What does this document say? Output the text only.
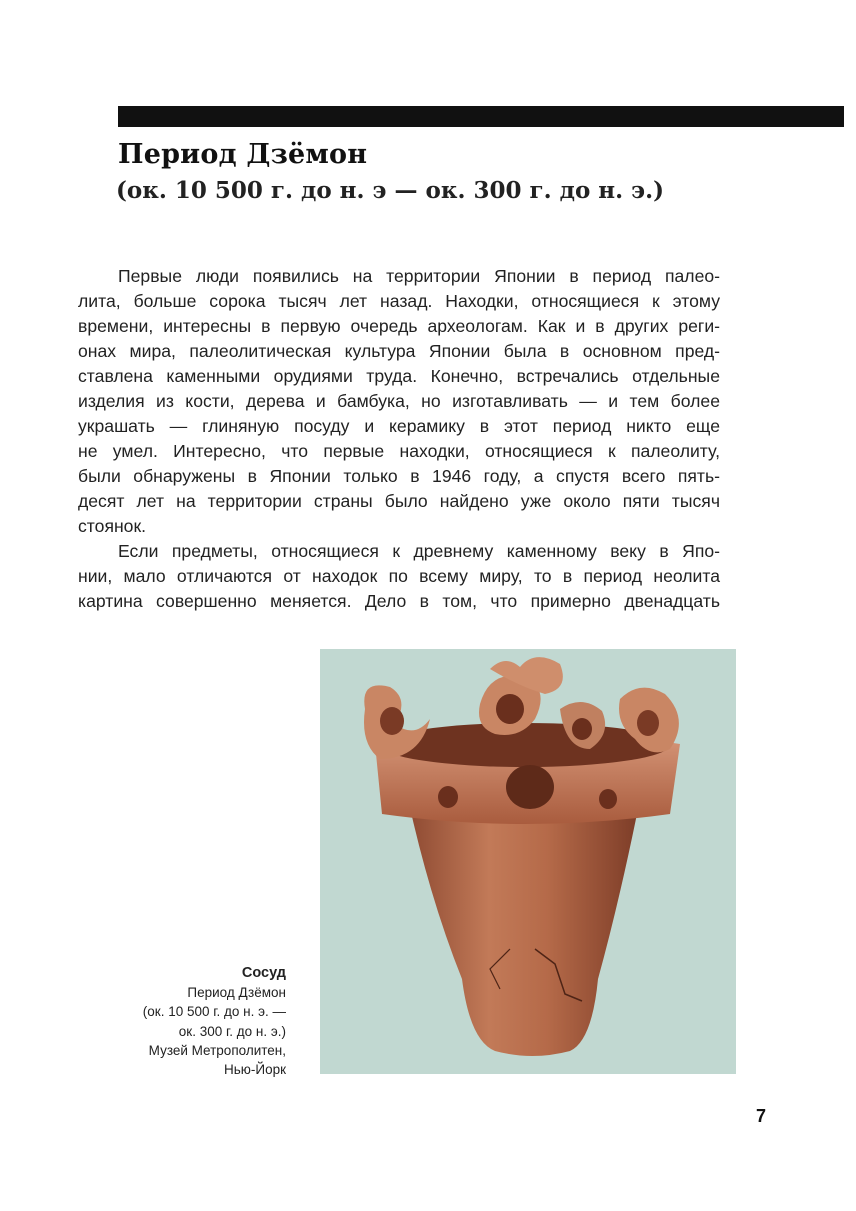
Период Дзёмон
(ок. 10 500 г. до н. э — ок. 300 г. до н. э.)
Первые люди появились на территории Японии в период палео-
лита, больше сорока тысяч лет назад. Находки, относящиеся к этому
времени, интересны в первую очередь археологам. Как и в других реги-
онах мира, палеолитическая культура Японии была в основном пред-
ставлена каменными орудиями труда. Конечно, встречались отдельные
изделия из кости, дерева и бамбука, но изготавливать — и тем более
украшать — глиняную посуду и керамику в этот период никто еще
не умел. Интересно, что первые находки, относящиеся к палеолиту,
были обнаружены в Японии только в 1946 году, а спустя всего пять-
десят лет на территории страны было найдено уже около пяти тысяч
стоянок.
Если предметы, относящиеся к древнему каменному веку в Япо-
нии, мало отличаются от находок по всему миру, то в период неолита
картина совершенно меняется. Дело в том, что примерно двенадцать
Сосуд
Период Дзёмон
(ок. 10 500 г. до н. э. —
ок. 300 г. до н. э.)
Музей Метрополитен,
Нью-Йорк
7
